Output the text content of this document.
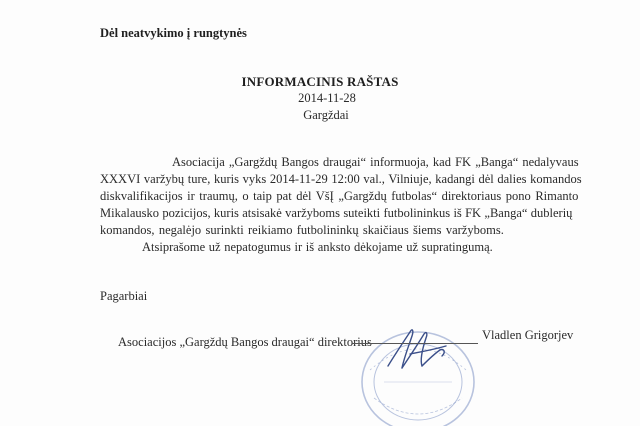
Dėl neatvykimo į rungtynės
INFORMACINIS RAŠTAS
2014-11-28
Gargždai
Asociacija „Gargždų Bangos draugai“ informuoja, kad FK „Banga“ nedalyvaus
XXXVI varžybų ture, kuris vyks 2014-11-29 12:00 val., Vilniuje, kadangi dėl dalies komandos
diskvalifikacijos ir traumų, o taip pat dėl VšĮ „Gargždų futbolas“ direktoriaus pono Rimanto
Mikalausko pozicijos, kuris atsisakė varžyboms suteikti futbolininkus iš FK „Banga“ dublerių
komandos, negalėjo surinkti reikiamo futbolininkų skaičiaus šiems varžyboms.
Atsiprašome už nepatogumus ir iš anksto dėkojame už supratingumą.
Pagarbiai
Asociacijos „Gargždų Bangos draugai“ direktorius	Vladlen Grigorjev
